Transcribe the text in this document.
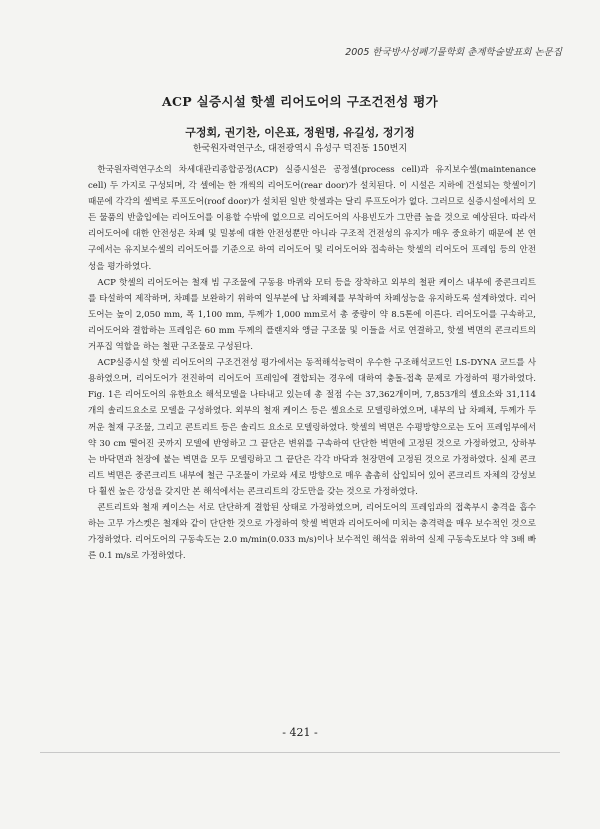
2005 한국방사성폐기물학회 춘계학술발표회 논문집
ACP 실증시설 핫셀 리어도어의 구조건전성 평가
구정회, 권기찬, 이은표, 정원명, 유길성, 정기정
한국원자력연구소, 대전광역시 유성구 덕진동 150번지

한국원자력연구소의 차세대관리종합공정(ACP) 실증시설은 공정셀(process cell)과 유지보수셀(maintenance cell) 두 가지로 구성되며, 각 셀에는 한 개씩의 리어도어(rear door)가 설치된다. 이 시설은 지하에 건설되는 핫셀이기 때문에 각각의 셀벽로 루프도어(roof door)가 설치된 일반 핫셀과는 달리 루프도어가 없다. 그러므로 실증시설에서의 모든 물품의 반출입에는 리어도어를 이용할 수밖에 없으므로 리어도어의 사용빈도가 그만큼 높을 것으로 예상된다. 따라서 리어도어에 대한 안전성은 차폐 및 밀봉에 대한 안전성뿐만 아니라 구조적 건전성의 유지가 매우 중요하기 때문에 본 연구에서는 유지보수셀의 리어도어를 기준으로 하여 리어도어 및 리어도어와 접속하는 핫셀의 리어도어 프레임 등의 안전성을 평가하였다.

ACP 핫셀의 리어도어는 철재 빔 구조물에 구동용 바퀴와 모터 등을 장착하고 외부의 철판 케이스 내부에 중콘크리트를 타설하여 제작하며, 차폐를 보완하기 위하여 일부분에 납 차폐체를 부착하여 차폐성능을 유지하도록 설계하였다. 리어도어는 높이 2,050 mm, 폭 1,100 mm, 두께가 1,000 mm로서 총 중량이 약 8.5톤에 이른다. 리어도어를 구속하고, 리어도어와 결합하는 프레임은 60 mm 두께의 플랜지와 앵글 구조물 및 이들을 서로 연결하고, 핫셀 벽면의 콘크리트의 거푸집 역할을 하는 철판 구조물로 구성된다.

ACP실증시설 핫셀 리어도어의 구조건전성 평가에서는 동적해석능력이 우수한 구조해석코드인 LS-DYNA 코드를 사용하였으며, 리어도어가 전진하여 리어도어 프레임에 결합되는 경우에 대하여 충돌-접촉 문제로 가정하여 평가하였다. Fig. 1은 리어도어의 유한요소 해석모델을 나타내고 있는데 총 절점 수는 37,362개이며, 7,853개의 셸요소와 31,114개의 솔리드요소로 모델을 구성하였다. 외부의 철재 케이스 등은 셸요소로 모델링하였으며, 내부의 납 차폐체, 두께가 두꺼운 철재 구조물, 그리고 콘트리트 등은 솔리드 요소로 모델링하였다. 핫셀의 벽면은 수평방향으로는 도어 프레임부에서 약 30 cm 떨어진 곳까지 모델에 반영하고 그 끝단은 변위를 구속하여 단단한 벽면에 고정된 것으로 가정하였고, 상하부는 바닥면과 천장에 붙는 벽면을 모두 모델링하고 그 끝단은 각각 바닥과 천장면에 고정된 것으로 가정하였다. 실제 콘크리트 벽면은 중콘크리트 내부에 철근 구조물이 가로와 세로 방향으로 매우 촘촘히 삽입되어 있어 콘크리트 자체의 강성보다 훨씬 높은 강성을 갖지만 본 해석에서는 콘크리트의 강도만을 갖는 것으로 가정하였다.

콘트리트와 철재 케이스는 서로 단단하게 결합된 상태로 가정하였으며, 리어도어의 프레임과의 접촉부시 충격을 흡수하는 고무 가스켓은 철재와 같이 단단한 것으로 가정하여 핫셀 벽면과 리어도어에 미치는 충격력을 매우 보수적인 것으로 가정하였다. 리어도어의 구동속도는 2.0 m/min(0.033 m/s)이나 보수적인 해석을 위하여 실제 구동속도보다 약 3배 빠른 0.1 m/s로 가정하였다.

- 421 -
